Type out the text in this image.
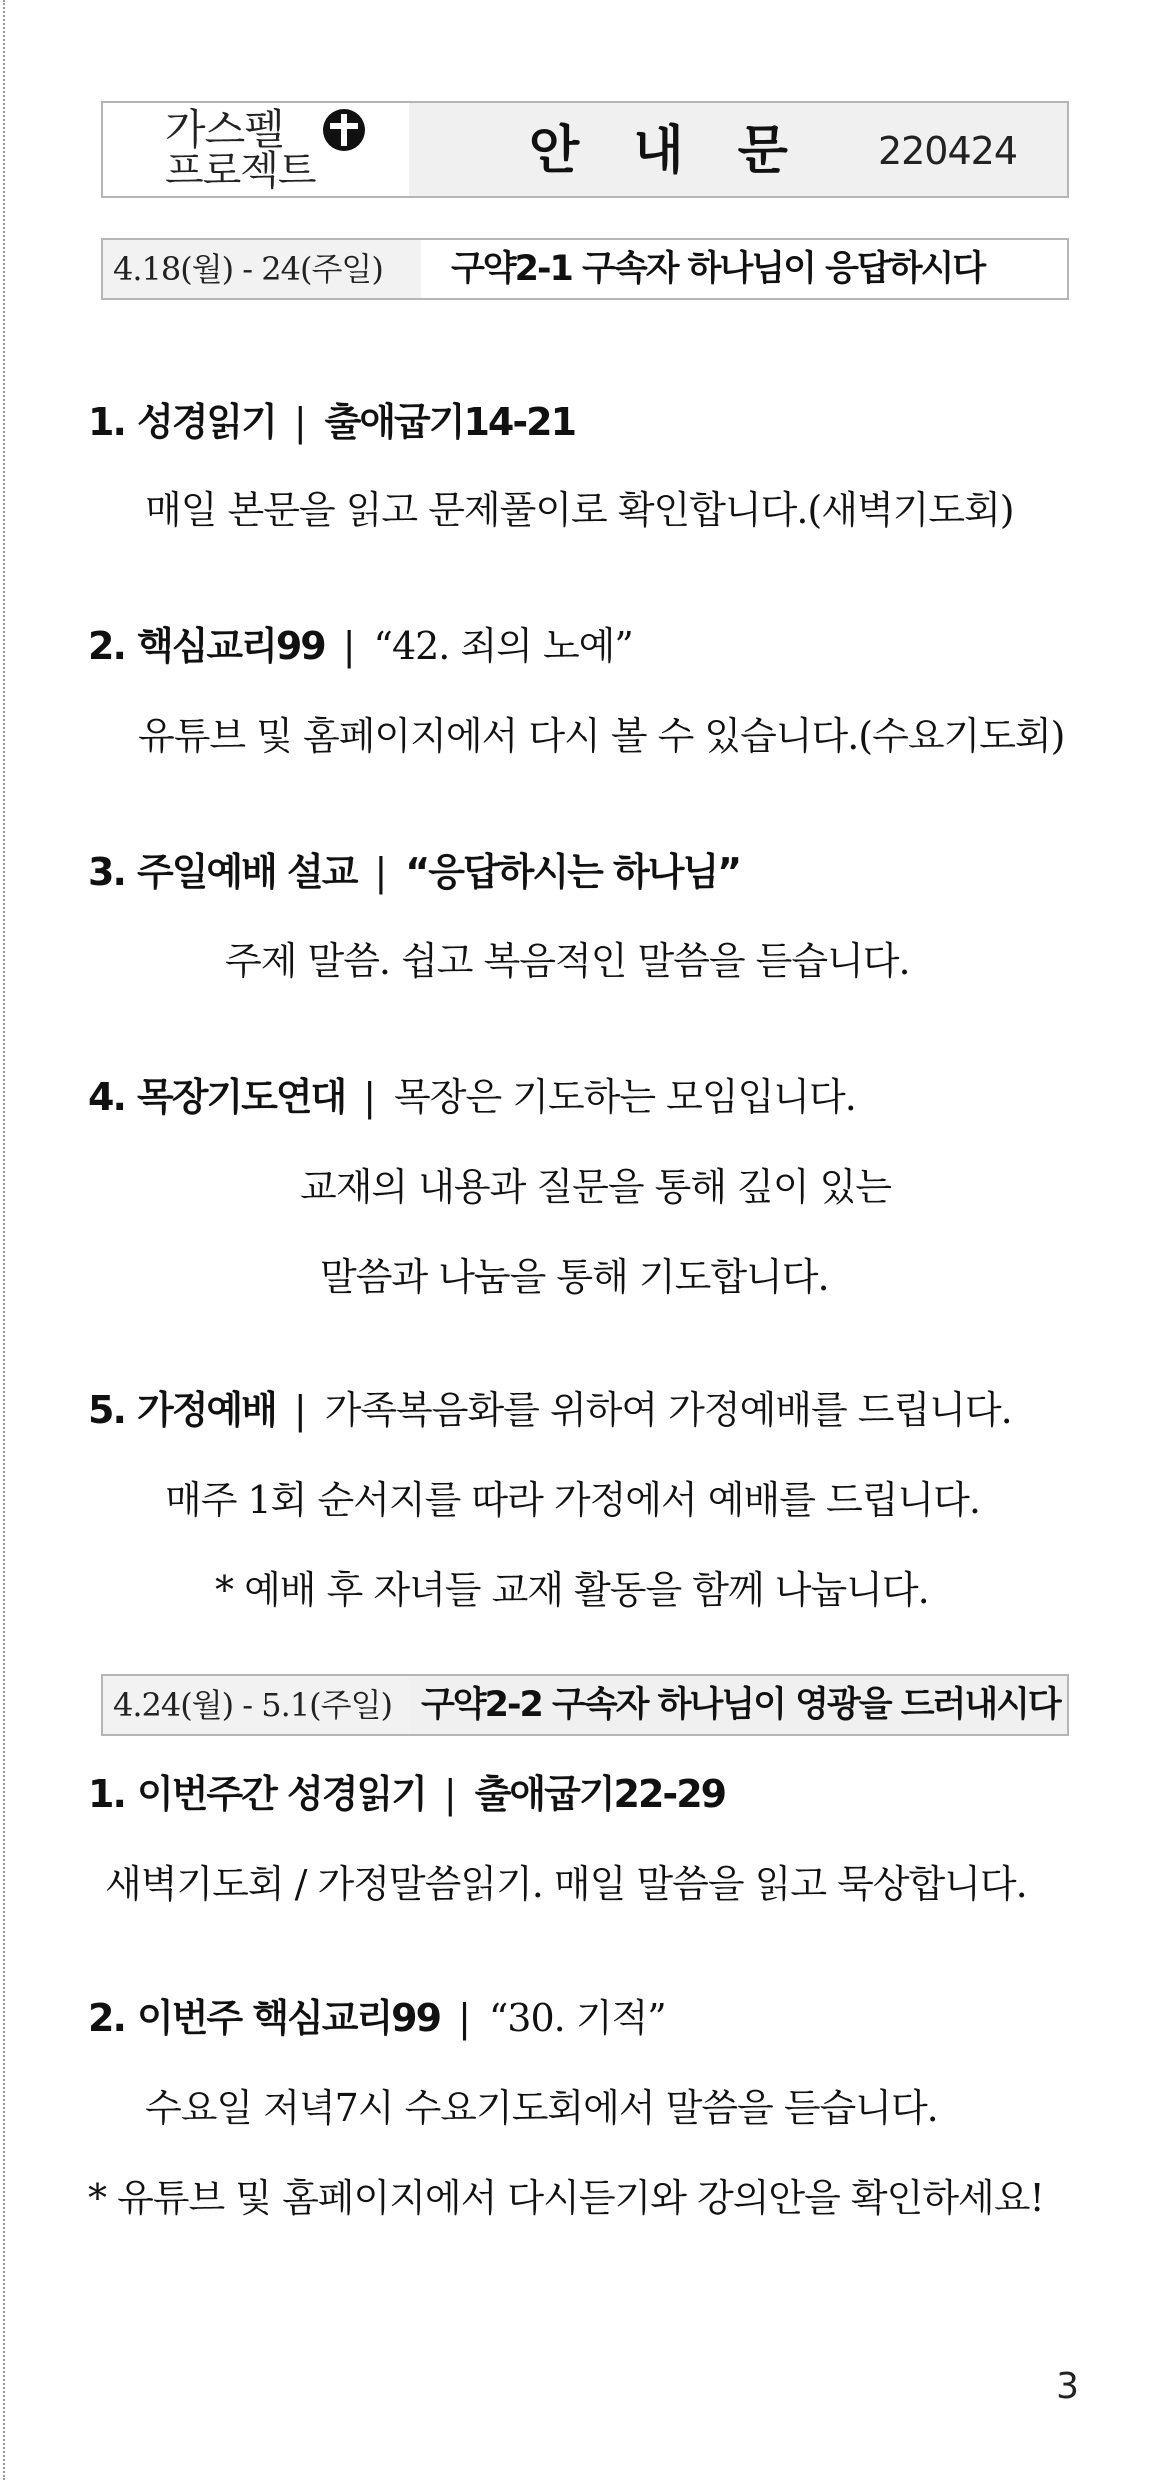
가스펠
프로젝트	안 내 문 220424
4.18(월) - 24(주일)	구약2-1 구속자 하나님이 응답하시다
1. 성경읽기 | 출애굽기14-21
매일 본문을 읽고 문제풀이로 확인합니다.(새벽기도회)
2. 핵심교리99 | “42. 죄의 노예”
유튜브 및 홈페이지에서 다시 볼 수 있습니다.(수요기도회)
3. 주일예배 설교 | “응답하시는 하나님”
주제 말씀. 쉽고 복음적인 말씀을 듣습니다.
4. 목장기도연대 | 목장은 기도하는 모임입니다.
교재의 내용과 질문을 통해 깊이 있는
말씀과 나눔을 통해 기도합니다.
5. 가정예배 | 가족복음화를 위하여 가정예배를 드립니다.
매주 1회 순서지를 따라 가정에서 예배를 드립니다.
* 예배 후 자녀들 교재 활동을 함께 나눕니다.
4.24(월) - 5.1(주일) 구약2-2 구속자 하나님이 영광을 드러내시다
1. 이번주간 성경읽기 | 출애굽기22-29
새벽기도회 / 가정말씀읽기. 매일 말씀을 읽고 묵상합니다.
2. 이번주 핵심교리99 | “30. 기적”
수요일 저녁7시 수요기도회에서 말씀을 듣습니다.
* 유튜브 및 홈페이지에서 다시듣기와 강의안을 확인하세요!
3
